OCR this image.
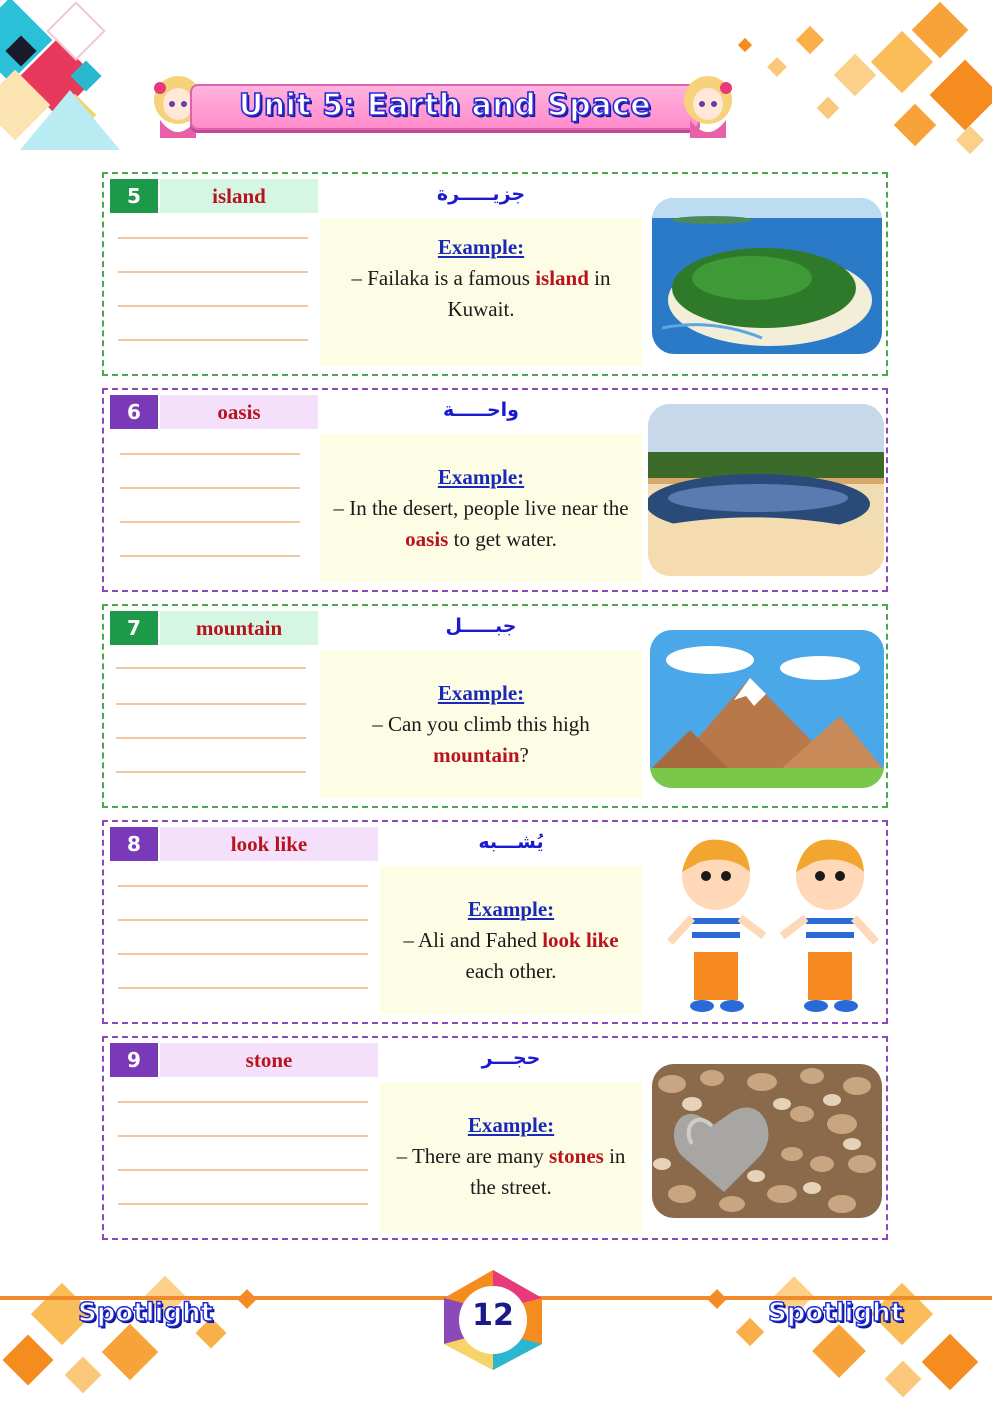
Unit 5: Earth and Space
5	island	جزيـــــرة
Example:
– Failaka is a famous island in Kuwait.
6	oasis	واحـــــة
Example:
– In the desert, people live near the oasis to get water.
7	mountain	جبـــــل
Example:
– Can you climb this high mountain?
8	look like	يُشـــبه
Example:
– Ali and Fahed look like each other.
9	stone	حجـــر
Example:
– There are many stones in the street.
Spotlight	Spotlight
12
